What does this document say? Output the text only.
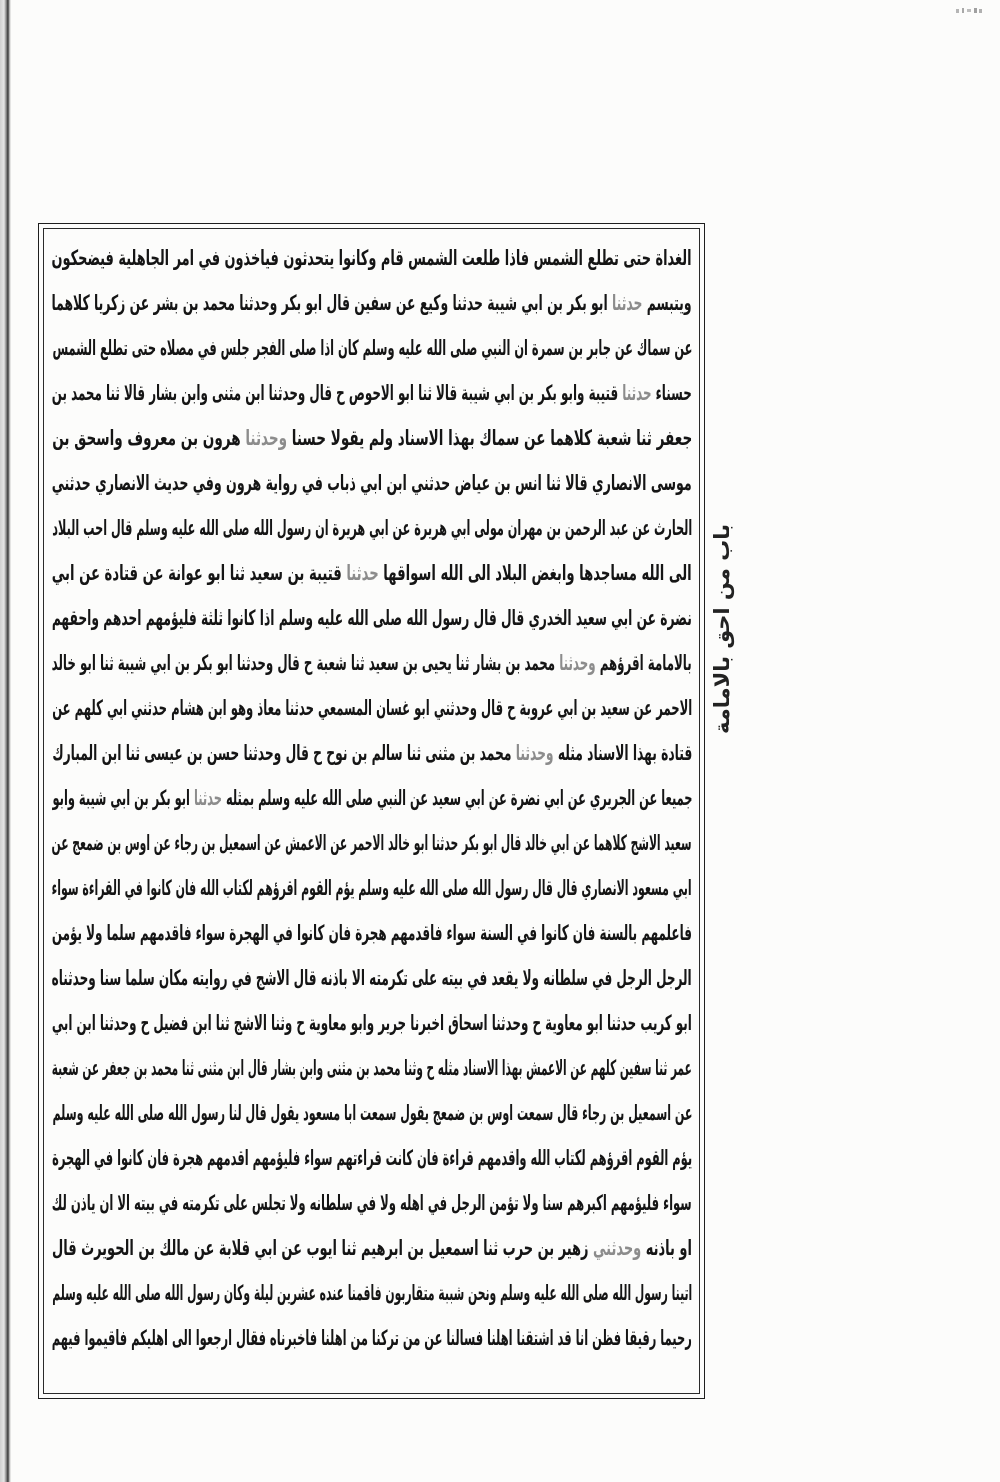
الغداة حتى تطلع الشمس فاذا طلعت الشمس قام وكانوا يتحدثون فياخذون في امر الجاهلية فيضحكون
ويتبسم حدثنا ابو بكر بن ابي شيبة حدثنا وكيع عن سفين قال ابو بكر وحدثنا محمد بن بشر عن زكريا كلاهما
عن سماك عن جابر بن سمرة ان النبي صلى الله عليه وسلم كان اذا صلى الفجر جلس في مصلاه حتى تطلع الشمس
حسناء حدثنا قتيبة وابو بكر بن ابي شيبة قالا ثنا ابو الاحوص ح قال وحدثنا ابن مثنى وابن بشار قالا ثنا محمد بن
جعفر ثنا شعبة كلاهما عن سماك بهذا الاسناد ولم يقولا حسنا وحدثنا هرون بن معروف واسحق بن
موسى الانصاري قالا ثنا انس بن عياض حدثني ابن ابي ذباب في رواية هرون وفي حديث الانصاري حدثني
الحارث عن عبد الرحمن بن مهران مولى ابي هريرة عن ابي هريرة ان رسول الله صلى الله عليه وسلم قال احب البلاد
الى الله مساجدها وابغض البلاد الى الله اسواقها حدثنا قتيبة بن سعيد ثنا ابو عوانة عن قتادة عن ابي
نضرة عن ابي سعيد الخدري قال قال رسول الله صلى الله عليه وسلم اذا كانوا ثلثة فليؤمهم احدهم واحقهم
بالامامة اقرؤهم وحدثنا محمد بن بشار ثنا يحيى بن سعيد ثنا شعبة ح قال وحدثنا ابو بكر بن ابي شيبة ثنا ابو خالد
الاحمر عن سعيد بن ابي عروبة ح قال وحدثني ابو غسان المسمعي حدثنا معاذ وهو ابن هشام حدثني ابي كلهم عن
قتادة بهذا الاسناد مثله وحدثنا محمد بن مثنى ثنا سالم بن نوح ح قال وحدثنا حسن بن عيسى ثنا ابن المبارك
جميعا عن الجريري عن ابي نضرة عن ابي سعيد عن النبي صلى الله عليه وسلم بمثله حدثنا ابو بكر بن ابي شيبة وابو
سعيد الاشج كلاهما عن ابي خالد قال ابو بكر حدثنا ابو خالد الاحمر عن الاعمش عن اسمعيل بن رجاء عن اوس بن ضمعج عن
ابي مسعود الانصاري قال قال رسول الله صلى الله عليه وسلم يؤم القوم اقرؤهم لكتاب الله فان كانوا في القراءة سواء
فاعلمهم بالسنة فان كانوا في السنة سواء فاقدمهم هجرة فان كانوا في الهجرة سواء فاقدمهم سلما ولا يؤمن
الرجل الرجل في سلطانه ولا يقعد في بيته على تكرمته الا باذنه قال الاشج في روايته مكان سلما سنا وحدثناه
ابو كريب حدثنا ابو معاوية ح وحدثنا اسحاق اخبرنا جرير وابو معاوية ح وثنا الاشج ثنا ابن فضيل ح وحدثنا ابن ابي
عمر ثنا سفين كلهم عن الاعمش بهذا الاسناد مثله ح وثنا محمد بن مثنى وابن بشار قال ابن مثنى ثنا محمد بن جعفر عن شعبة
عن اسمعيل بن رجاء قال سمعت اوس بن ضمعج يقول سمعت ابا مسعود يقول قال لنا رسول الله صلى الله عليه وسلم
يؤم القوم اقرؤهم لكتاب الله واقدمهم قراءة فان كانت قراءتهم سواء فليؤمهم اقدمهم هجرة فان كانوا في الهجرة
سواء فليؤمهم اكبرهم سنا ولا تؤمن الرجل في اهله ولا في سلطانه ولا تجلس على تكرمته في بيته الا ان ياذن لك
او باذنه وحدثني زهير بن حرب ثنا اسمعيل بن ابرهيم ثنا ايوب عن ابي قلابة عن مالك بن الحويرث قال
اتينا رسول الله صلى الله عليه وسلم ونحن شببة متقاربون فاقمنا عنده عشرين ليلة وكان رسول الله صلى الله عليه وسلم
رحيما رقيقا فظن انا قد اشتقنا اهلنا فسالنا عن من تركنا من اهلنا فاخبرناه فقال ارجعوا الى اهليكم فاقيموا فيهم
باب من احق بالامامة
